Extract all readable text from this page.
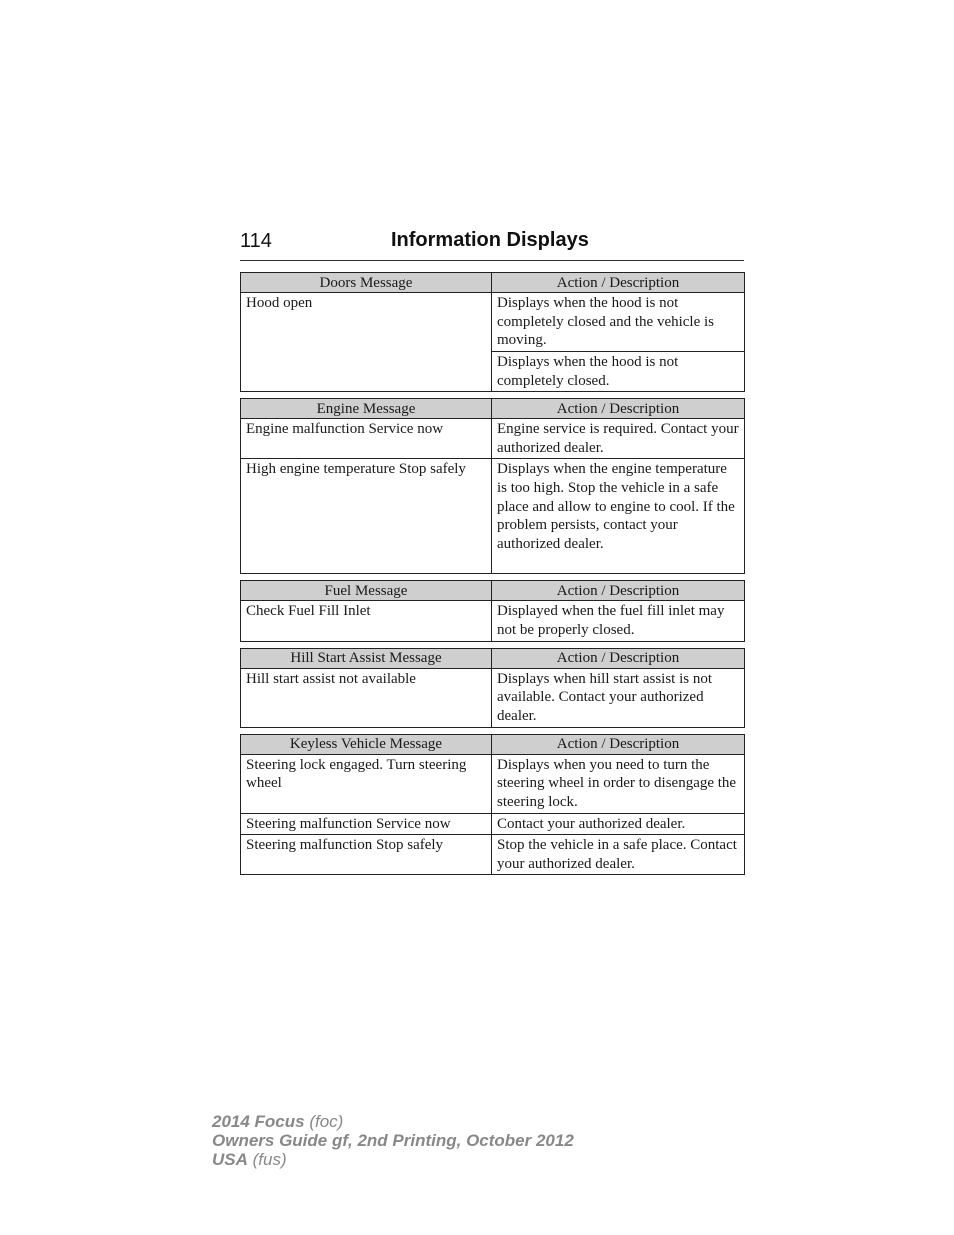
114	Information Displays
Doors Message	Action / Description
Hood open	Displays when the hood is not completely closed and the vehicle is moving.
	Displays when the hood is not completely closed.
Engine Message	Action / Description
Engine malfunction Service now	Engine service is required. Contact your authorized dealer.
High engine temperature Stop safely	Displays when the engine temperature is too high. Stop the vehicle in a safe place and allow to engine to cool. If the problem persists, contact your authorized dealer.
Fuel Message	Action / Description
Check Fuel Fill Inlet	Displayed when the fuel fill inlet may not be properly closed.
Hill Start Assist Message	Action / Description
Hill start assist not available	Displays when hill start assist is not available. Contact your authorized dealer.
Keyless Vehicle Message	Action / Description
Steering lock engaged. Turn steering wheel	Displays when you need to turn the steering wheel in order to disengage the steering lock.
Steering malfunction Service now	Contact your authorized dealer.
Steering malfunction Stop safely	Stop the vehicle in a safe place. Contact your authorized dealer.
2014 Focus (foc)
Owners Guide gf, 2nd Printing, October 2012
USA (fus)
